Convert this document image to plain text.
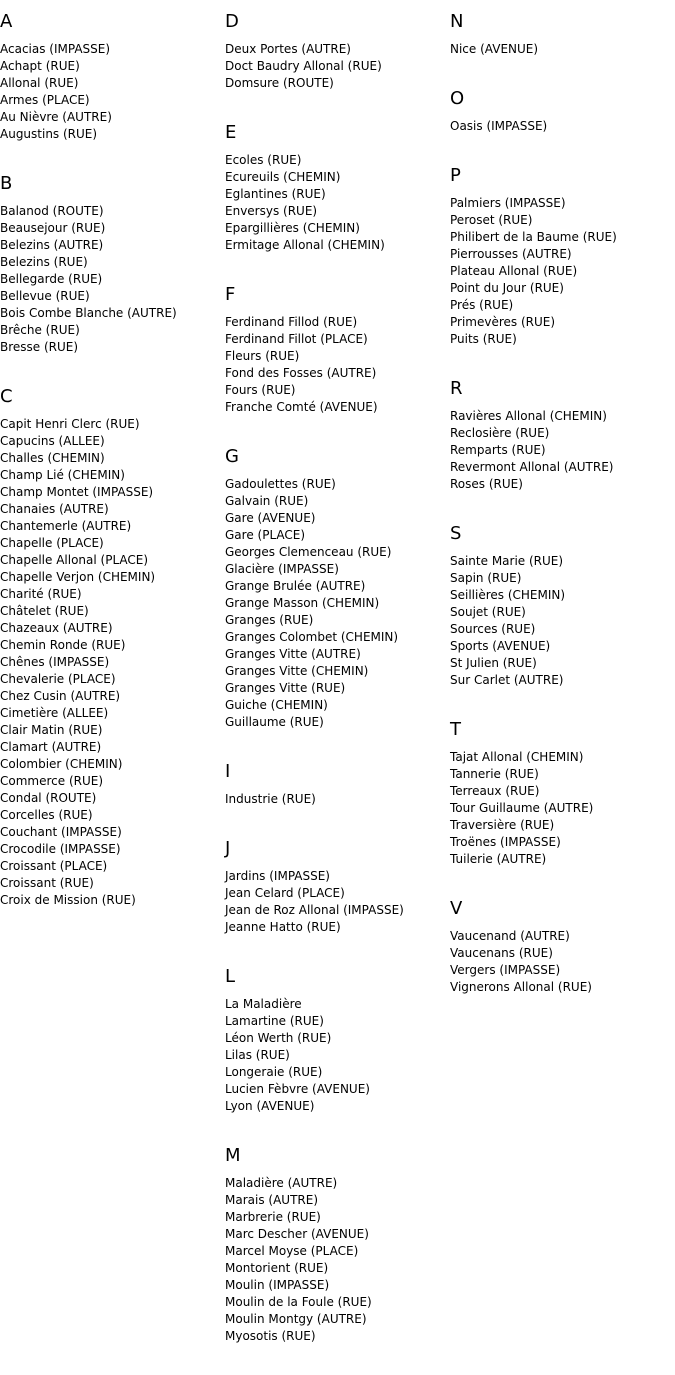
A
Acacias (IMPASSE)
Achapt (RUE)
Allonal (RUE)
Armes (PLACE)
Au Nièvre (AUTRE)
Augustins (RUE)
B
Balanod (ROUTE)
Beausejour (RUE)
Belezins (AUTRE)
Belezins (RUE)
Bellegarde (RUE)
Bellevue (RUE)
Bois Combe Blanche (AUTRE)
Brêche (RUE)
Bresse (RUE)
C
Capit Henri Clerc (RUE)
Capucins (ALLEE)
Challes (CHEMIN)
Champ Lié (CHEMIN)
Champ Montet (IMPASSE)
Chanaies (AUTRE)
Chantemerle (AUTRE)
Chapelle (PLACE)
Chapelle Allonal (PLACE)
Chapelle Verjon (CHEMIN)
Charité (RUE)
Châtelet (RUE)
Chazeaux (AUTRE)
Chemin Ronde (RUE)
Chênes (IMPASSE)
Chevalerie (PLACE)
Chez Cusin (AUTRE)
Cimetière (ALLEE)
Clair Matin (RUE)
Clamart (AUTRE)
Colombier (CHEMIN)
Commerce (RUE)
Condal (ROUTE)
Corcelles (RUE)
Couchant (IMPASSE)
Crocodile (IMPASSE)
Croissant (PLACE)
Croissant (RUE)
Croix de Mission (RUE)
D
Deux Portes (AUTRE)
Doct Baudry Allonal (RUE)
Domsure (ROUTE)
E
Ecoles (RUE)
Ecureuils (CHEMIN)
Eglantines (RUE)
Enversys (RUE)
Epargillières (CHEMIN)
Ermitage Allonal (CHEMIN)
F
Ferdinand Fillod (RUE)
Ferdinand Fillot (PLACE)
Fleurs (RUE)
Fond des Fosses (AUTRE)
Fours (RUE)
Franche Comté (AVENUE)
G
Gadoulettes (RUE)
Galvain (RUE)
Gare (AVENUE)
Gare (PLACE)
Georges Clemenceau (RUE)
Glacière (IMPASSE)
Grange Brulée (AUTRE)
Grange Masson (CHEMIN)
Granges (RUE)
Granges Colombet (CHEMIN)
Granges Vitte (AUTRE)
Granges Vitte (CHEMIN)
Granges Vitte (RUE)
Guiche (CHEMIN)
Guillaume (RUE)
I
Industrie (RUE)
J
Jardins (IMPASSE)
Jean Celard (PLACE)
Jean de Roz Allonal (IMPASSE)
Jeanne Hatto (RUE)
L
La Maladière
Lamartine (RUE)
Léon Werth (RUE)
Lilas (RUE)
Longeraie (RUE)
Lucien Fèbvre (AVENUE)
Lyon (AVENUE)
M
Maladière (AUTRE)
Marais (AUTRE)
Marbrerie (RUE)
Marc Descher (AVENUE)
Marcel Moyse (PLACE)
Montorient (RUE)
Moulin (IMPASSE)
Moulin de la Foule (RUE)
Moulin Montgy (AUTRE)
Myosotis (RUE)
N
Nice (AVENUE)
O
Oasis (IMPASSE)
P
Palmiers (IMPASSE)
Peroset (RUE)
Philibert de la Baume (RUE)
Pierrousses (AUTRE)
Plateau Allonal (RUE)
Point du Jour (RUE)
Prés (RUE)
Primevères (RUE)
Puits (RUE)
R
Ravières Allonal (CHEMIN)
Reclosière (RUE)
Remparts (RUE)
Revermont Allonal (AUTRE)
Roses (RUE)
S
Sainte Marie (RUE)
Sapin (RUE)
Seillières (CHEMIN)
Soujet (RUE)
Sources (RUE)
Sports (AVENUE)
St Julien (RUE)
Sur Carlet (AUTRE)
T
Tajat Allonal (CHEMIN)
Tannerie (RUE)
Terreaux (RUE)
Tour Guillaume (AUTRE)
Traversière (RUE)
Troënes (IMPASSE)
Tuilerie (AUTRE)
V
Vaucenand (AUTRE)
Vaucenans (RUE)
Vergers (IMPASSE)
Vignerons Allonal (RUE)
